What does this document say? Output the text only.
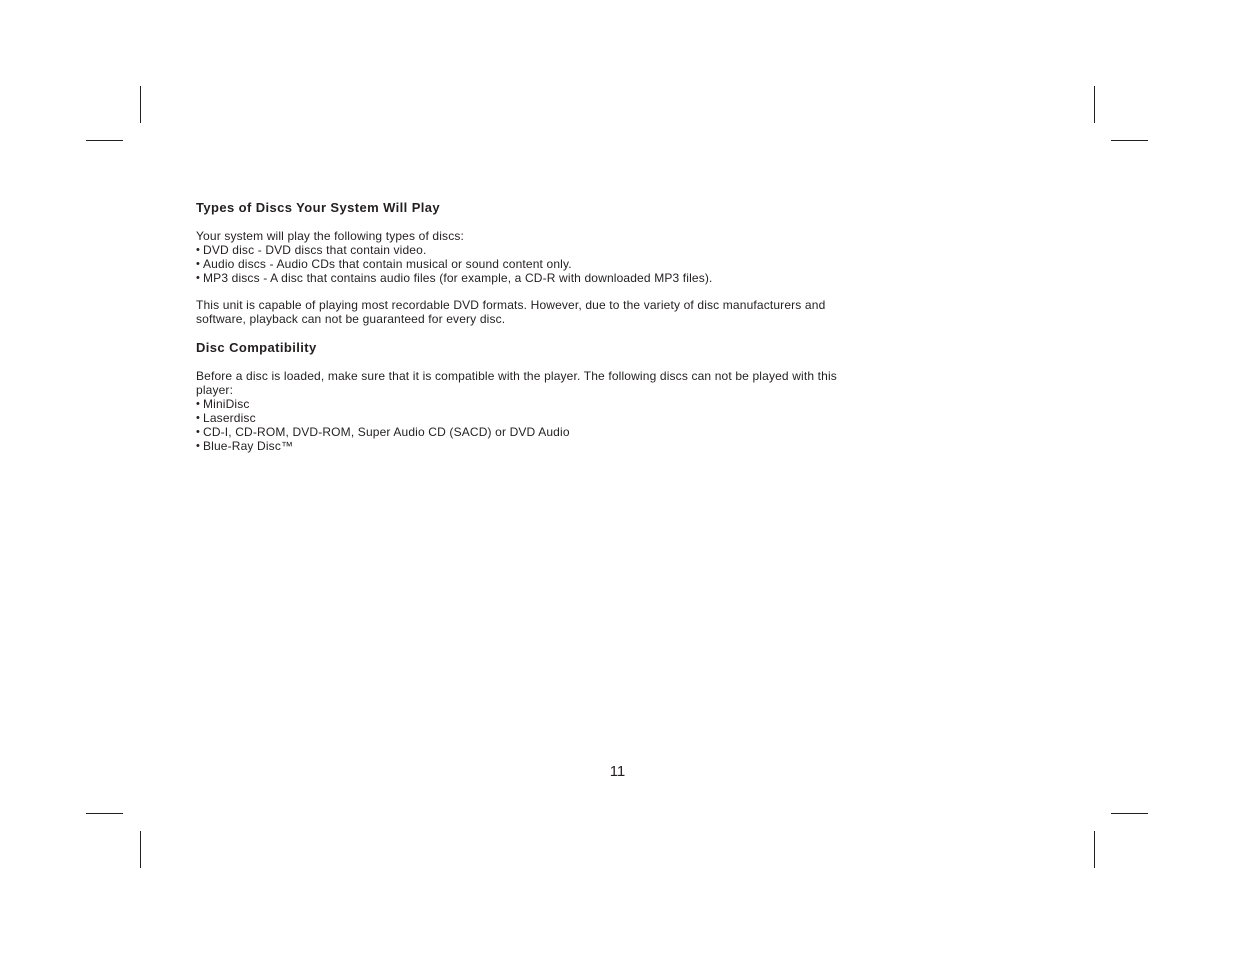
Types of Discs Your System Will Play

Your system will play the following types of discs:

• DVD disc - DVD discs that contain video.
• Audio discs - Audio CDs that contain musical or sound content only.
• MP3 discs - A disc that contains audio files (for example, a CD-R with downloaded MP3 files).

This unit is capable of playing most recordable DVD formats. However, due to the variety of disc manufacturers and

software, playback can not be guaranteed for every disc.

Disc Compatibility

Before a disc is loaded, make sure that it is compatible with the player. The following discs can not be played with this

player:

• MiniDisc
• Laserdisc
• CD-I, CD-ROM, DVD-ROM, Super Audio CD (SACD) or DVD Audio
• Blue-Ray Disc™
11
